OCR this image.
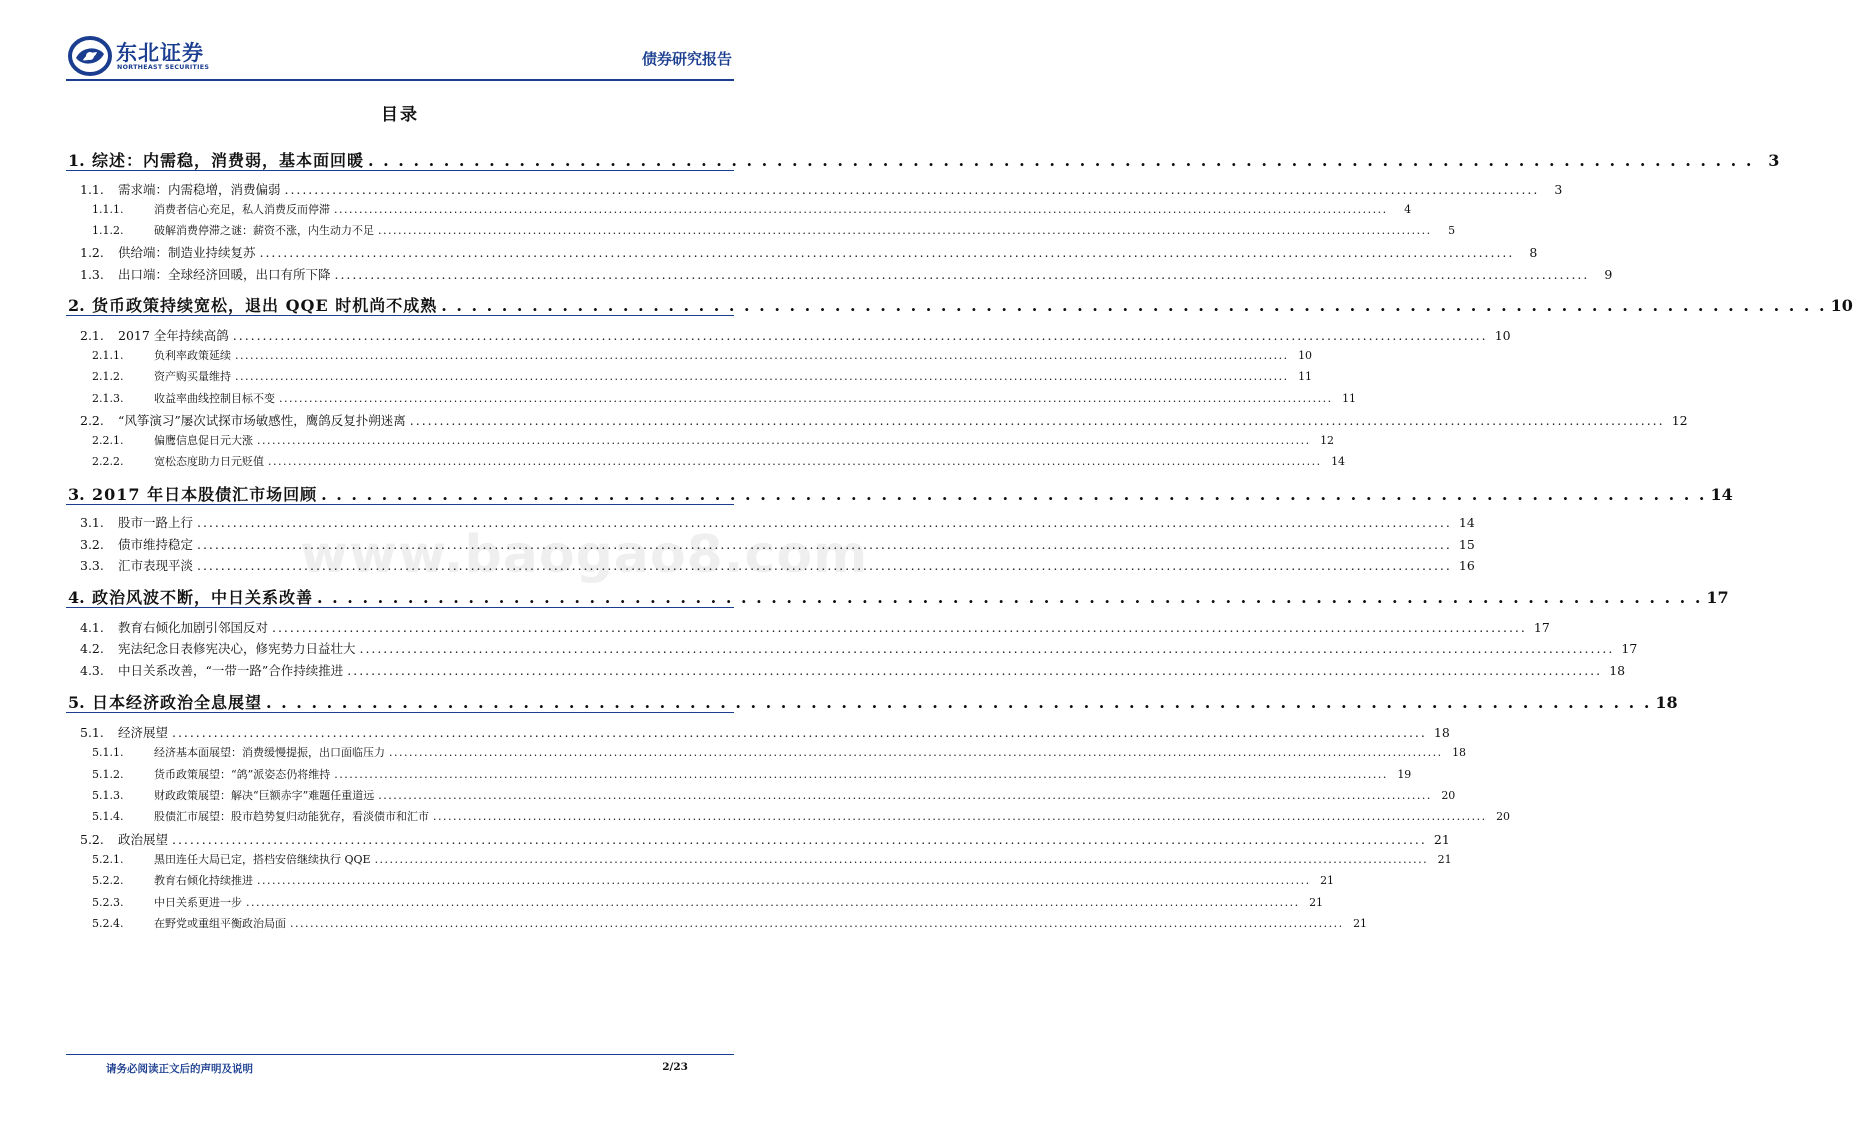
东北证券
NORTHEAST SECURITIES	债券研究报告
目录
www.baogao8.com
1. 综述：内需稳，消费弱，基本面回暖 . . .	3
1.1.	需求端：内需稳增，消费偏弱 . . .	3
1.1.1.	消费者信心充足，私人消费反而停滞 . . .	4
1.1.2.	破解消费停滞之谜：薪资不涨，内生动力不足 . . .	5
1.2.	供给端：制造业持续复苏 . . .	8
1.3.	出口端：全球经济回暖，出口有所下降 . . .	9
2. 货币政策持续宽松，退出 QQE 时机尚不成熟 . . .	10
2.1.	2017 全年持续高鸽 . . .	10
2.1.1.	负利率政策延续 . . .	10
2.1.2.	资产购买量维持 . . .	11
2.1.3.	收益率曲线控制目标不变 . . .	11
2.2.	“风筝演习”屡次试探市场敏感性，鹰鸽反复扑朔迷离 . . .	12
2.2.1.	偏鹰信息促日元大涨 . . .	12
2.2.2.	宽松态度助力日元贬值 . . .	14
3. 2017 年日本股债汇市场回顾 . . .	14
3.1.	股市一路上行 . . .	14
3.2.	债市维持稳定 . . .	15
3.3.	汇市表现平淡 . . .	16
4. 政治风波不断，中日关系改善 . . .	17
4.1.	教育右倾化加剧引邻国反对 . . .	17
4.2.	宪法纪念日表修宪决心，修宪势力日益壮大 . . .	17
4.3.	中日关系改善，“一带一路”合作持续推进 . . .	18
5. 日本经济政治全息展望 . . .	18
5.1.	经济展望 . . .	18
5.1.1.	经济基本面展望：消费缓慢提振，出口面临压力 . . .	18
5.1.2.	货币政策展望：“鸽”派姿态仍将维持 . . .	19
5.1.3.	财政政策展望：解决“巨额赤字”难题任重道远 . . .	20
5.1.4.	股债汇市展望：股市趋势复归动能犹存，看淡债市和汇市 . . .	20
5.2.	政治展望 . . .	21
5.2.1.	黑田连任大局已定，搭档安倍继续执行 QQE . . .	21
5.2.2.	教育右倾化持续推进 . . .	21
5.2.3.	中日关系更进一步 . . .	21
5.2.4.	在野党或重组平衡政治局面 . . .	21
请务必阅读正文后的声明及说明	2/23
